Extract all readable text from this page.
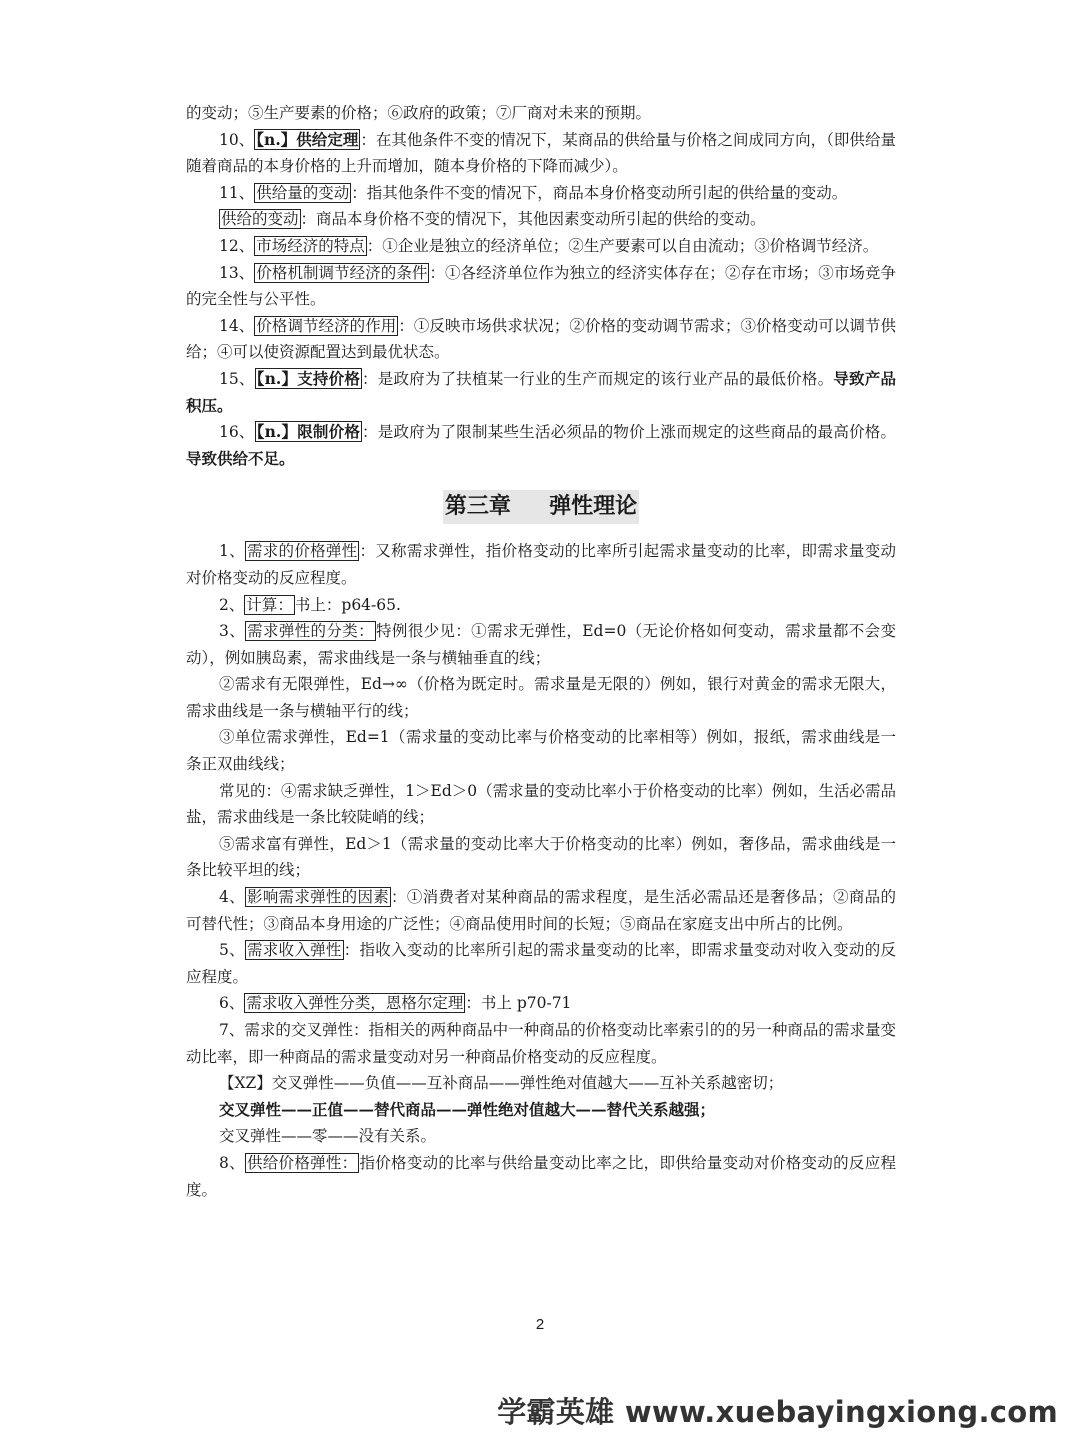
的变动；⑤生产要素的价格；⑥政府的政策；⑦厂商对未来的预期。

10、 【n.】供给定理 ：在其他条件不变的情况下，某商品的供给量与价格之间成同方向，（即供给量随着商品的本身价格的上升而增加，随本身价格的下降而减少）。

11、 供给量的变动 ：指其他条件不变的情况下，商品本身价格变动所引起的供给量的变动。

供给的变动 ：商品本身价格不变的情况下，其他因素变动所引起的供给的变动。

12、 市场经济的特点 ：①企业是独立的经济单位；②生产要素可以自由流动；③价格调节经济。

13、 价格机制调节经济的条件 ：①各经济单位作为独立的经济实体存在；②存在市场；③市场竞争的完全性与公平性。

14、 价格调节经济的作用 ：①反映市场供求状况；②价格的变动调节需求；③价格变动可以调节供给；④可以使资源配置达到最优状态。

15、 【n.】支持价格 ：是政府为了扶植某一行业的生产而规定的该行业产品的最低价格。导致产品积压。

16、 【n.】限制价格 ：是政府为了限制某些生活必须品的物价上涨而规定的这些商品的最高价格。导致供给不足。

第三章     弹性理论

1、 需求的价格弹性 ：又称需求弹性，指价格变动的比率所引起需求量变动的比率，即需求量变动对价格变动的反应程度。

2、 计算： 书上：p64-65.

3、 需求弹性的分类： 特例很少见：①需求无弹性，Ed=0（无论价格如何变动，需求量都不会变动），例如胰岛素，需求曲线是一条与横轴垂直的线；

②需求有无限弹性，Ed→∞（价格为既定时。需求量是无限的）例如，银行对黄金的需求无限大，需求曲线是一条与横轴平行的线；

③单位需求弹性，Ed=1（需求量的变动比率与价格变动的比率相等）例如，报纸，需求曲线是一条正双曲线线；

常见的：④需求缺乏弹性，1＞Ed＞0（需求量的变动比率小于价格变动的比率）例如，生活必需品盐，需求曲线是一条比较陡峭的线；

⑤需求富有弹性，Ed＞1（需求量的变动比率大于价格变动的比率）例如，奢侈品，需求曲线是一条比较平坦的线；

4、 影响需求弹性的因素 ：①消费者对某种商品的需求程度，是生活必需品还是奢侈品；②商品的可替代性；③商品本身用途的广泛性；④商品使用时间的长短；⑤商品在家庭支出中所占的比例。

5、 需求收入弹性 ：指收入变动的比率所引起的需求量变动的比率，即需求量变动对收入变动的反应程度。

6、 需求收入弹性分类，恩格尔定理 ：书上 p70-71

7、需求的交叉弹性：指相关的两种商品中一种商品的价格变动比率索引的的另一种商品的需求量变动比率，即一种商品的需求量变动对另一种商品价格变动的反应程度。

【XZ】交叉弹性——负值——互补商品——弹性绝对值越大——互补关系越密切；

交叉弹性——正值——替代商品——弹性绝对值越大——替代关系越强；

交叉弹性——零——没有关系。

8、 供给价格弹性： 指价格变动的比率与供给量变动比率之比，即供给量变动对价格变动的反应程度。

2
学霸英雄 www.xuebayingxiong.com
